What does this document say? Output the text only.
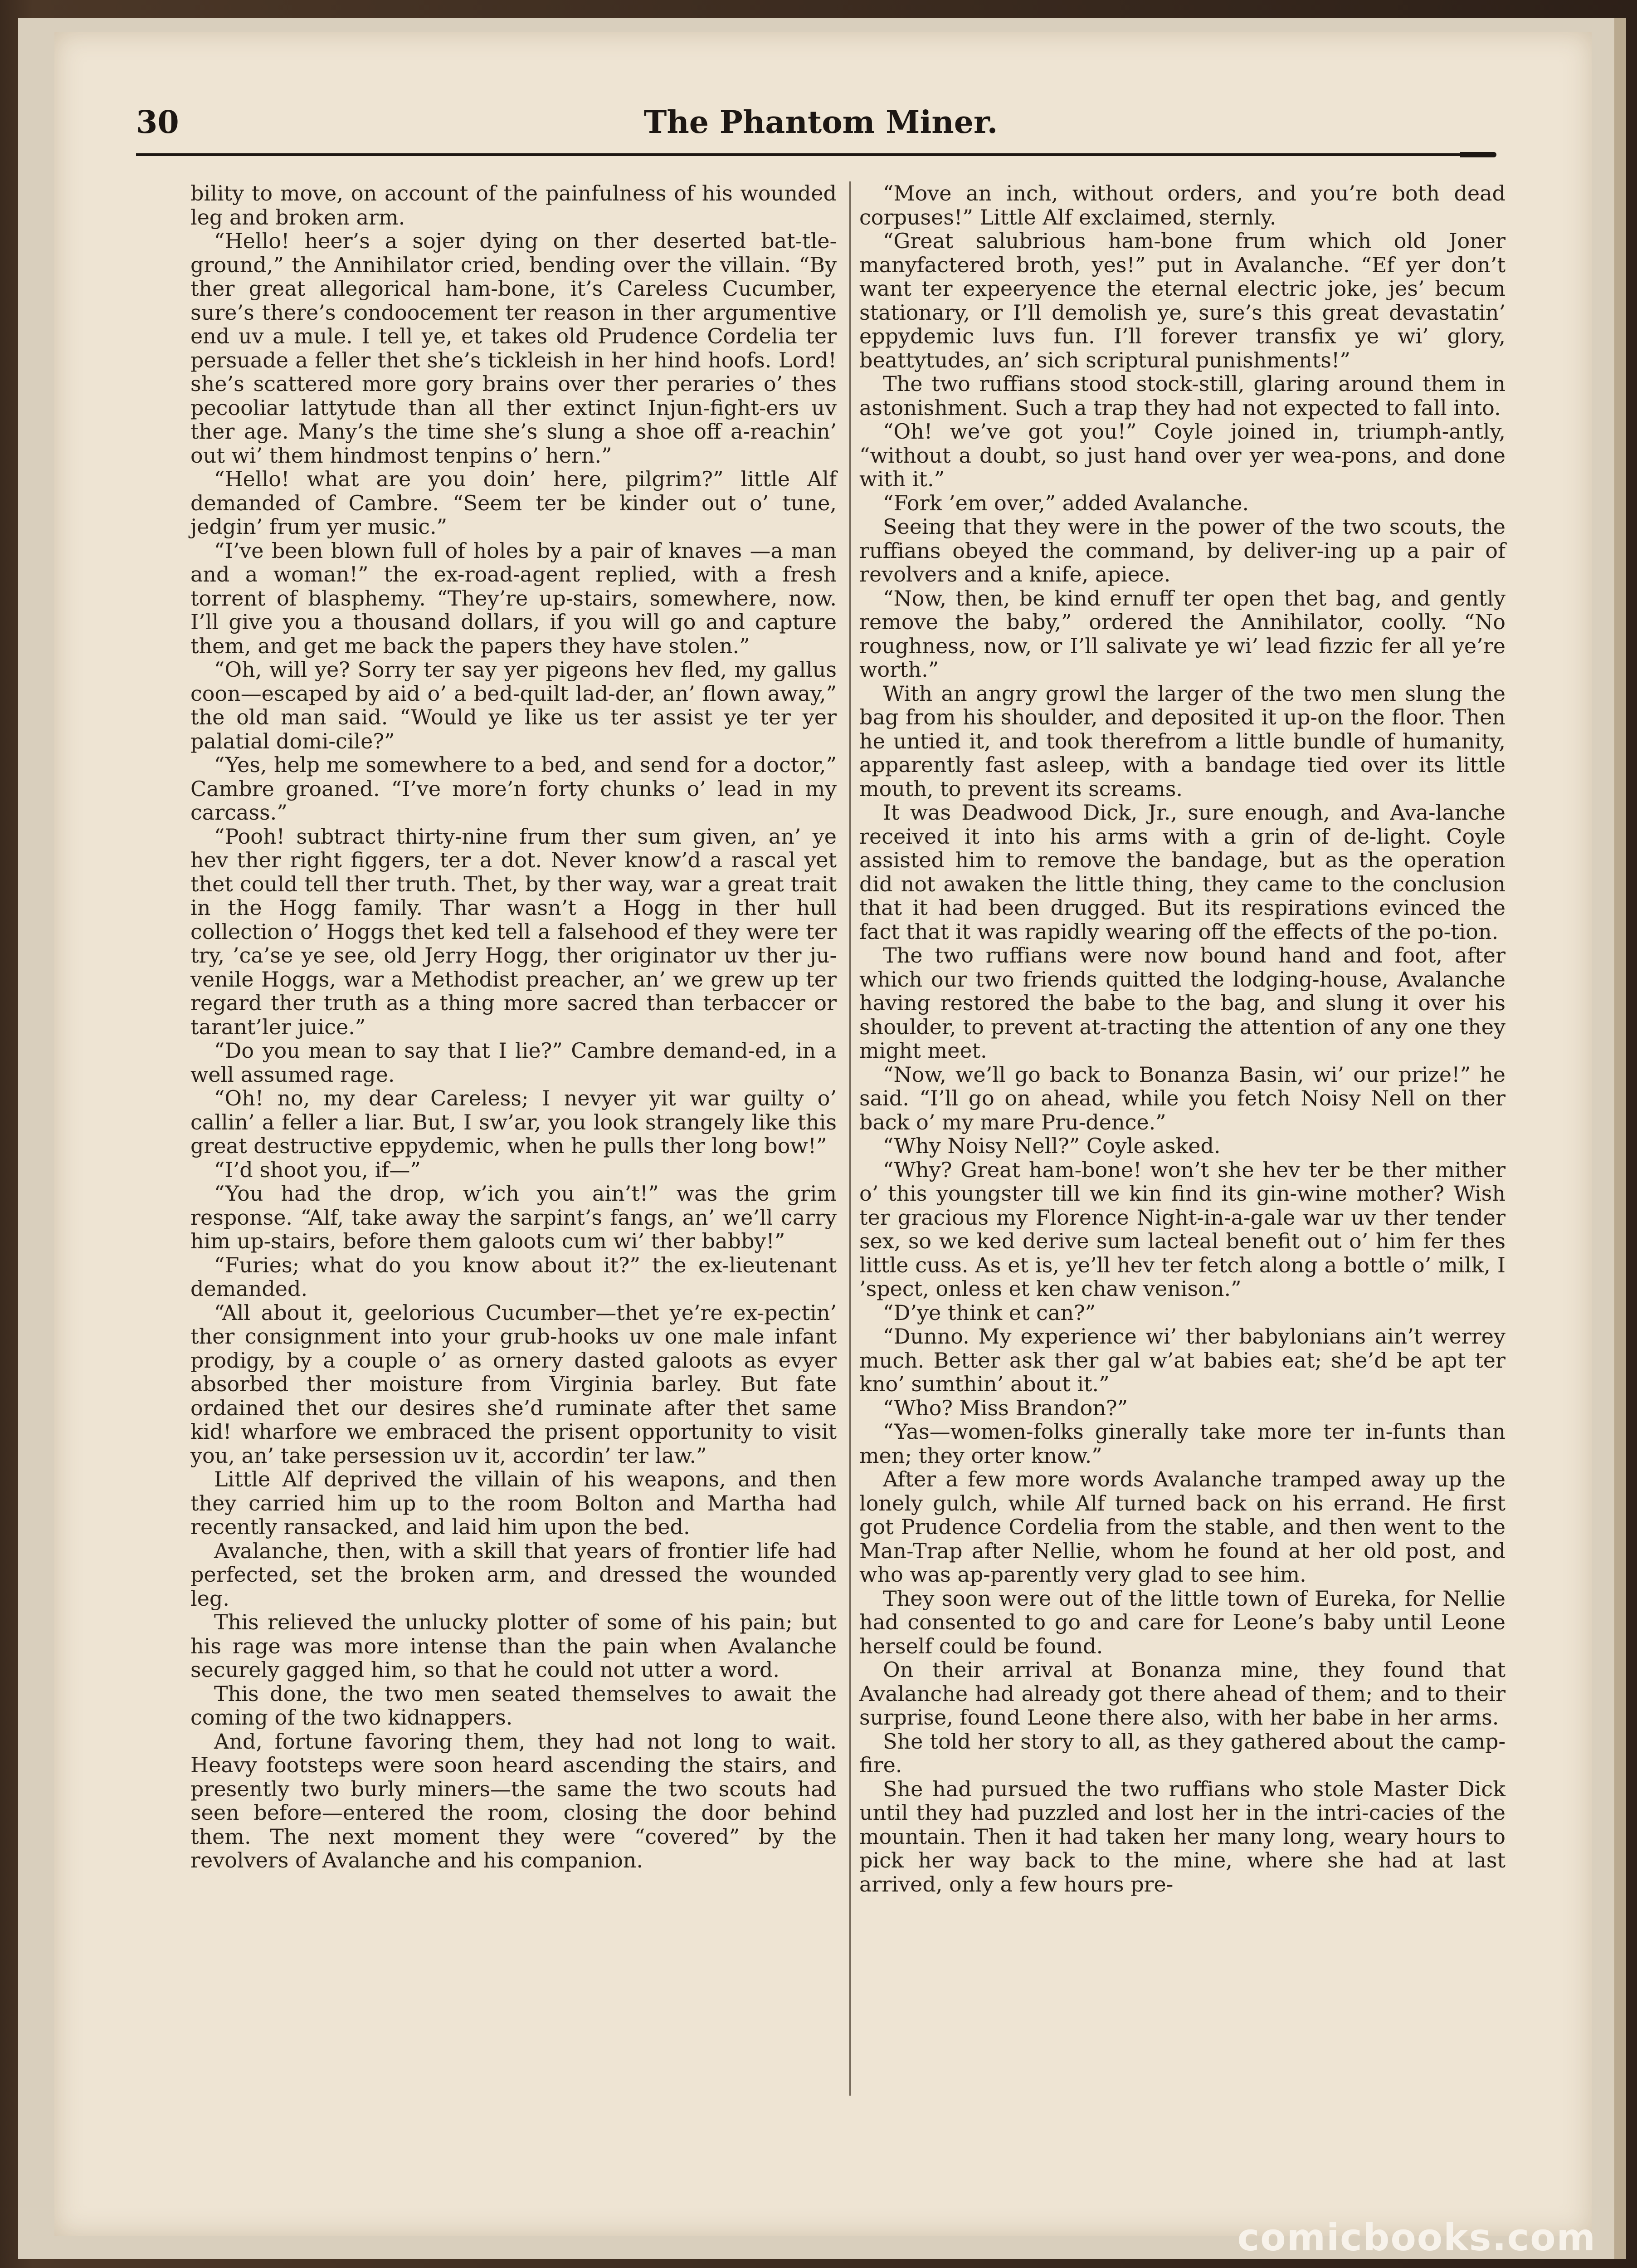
30	The Phantom Miner.

bility to move, on account of the painfulness of his wounded leg and broken arm.

“Hello! heer’s a sojer dying on ther deserted bat-tle-ground,” the Annihilator cried, bending over the villain. “By ther great allegorical ham-bone, it’s Careless Cucumber, sure’s there’s condoocement ter reason in ther argumentive end uv a mule. I tell ye, et takes old Prudence Cordelia ter persuade a feller thet she’s tickleish in her hind hoofs. Lord! she’s scattered more gory brains over ther peraries o’ thes pecooliar lattytude than all ther extinct Injun-fight-ers uv ther age. Many’s the time she’s slung a shoe off a-reachin’ out wi’ them hindmost tenpins o’ hern.”

“Hello! what are you doin’ here, pilgrim?” little Alf demanded of Cambre. “Seem ter be kinder out o’ tune, jedgin’ frum yer music.”

“I’ve been blown full of holes by a pair of knaves —a man and a woman!” the ex-road-agent replied, with a fresh torrent of blasphemy. “They’re up-stairs, somewhere, now. I’ll give you a thousand dollars, if you will go and capture them, and get me back the papers they have stolen.”

“Oh, will ye? Sorry ter say yer pigeons hev fled, my gallus coon—escaped by aid o’ a bed-quilt lad-der, an’ flown away,” the old man said. “Would ye like us ter assist ye ter yer palatial domi-cile?”

“Yes, help me somewhere to a bed, and send for a doctor,” Cambre groaned. “I’ve more’n forty chunks o’ lead in my carcass.”

“Pooh! subtract thirty-nine frum ther sum given, an’ ye hev ther right figgers, ter a dot. Never know’d a rascal yet thet could tell ther truth. Thet, by ther way, war a great trait in the Hogg family. Thar wasn’t a Hogg in ther hull collection o’ Hoggs thet ked tell a falsehood ef they were ter try, ’ca’se ye see, old Jerry Hogg, ther originator uv ther ju-venile Hoggs, war a Methodist preacher, an’ we grew up ter regard ther truth as a thing more sacred than terbaccer or tarant’ler juice.”

“Do you mean to say that I lie?” Cambre demand-ed, in a well assumed rage.

“Oh! no, my dear Careless; I nevyer yit war guilty o’ callin’ a feller a liar. But, I sw’ar, you look strangely like this great destructive eppydemic, when he pulls ther long bow!”

“I’d shoot you, if—”

“You had the drop, w’ich you ain’t!” was the grim response. “Alf, take away the sarpint’s fangs, an’ we’ll carry him up-stairs, before them galoots cum wi’ ther babby!”

“Furies; what do you know about it?” the ex-lieutenant demanded.

“All about it, geelorious Cucumber—thet ye’re ex-pectin’ ther consignment into your grub-hooks uv one male infant prodigy, by a couple o’ as ornery dasted galoots as evyer absorbed ther moisture from Virginia barley. But fate ordained thet our desires she’d ruminate after thet same kid! wharfore we embraced the prisent opportunity to visit you, an’ take persession uv it, accordin’ ter law.”

Little Alf deprived the villain of his weapons, and then they carried him up to the room Bolton and Martha had recently ransacked, and laid him upon the bed.

Avalanche, then, with a skill that years of frontier life had perfected, set the broken arm, and dressed the wounded leg.

This relieved the unlucky plotter of some of his pain; but his rage was more intense than the pain when Avalanche securely gagged him, so that he could not utter a word.

This done, the two men seated themselves to await the coming of the two kidnappers.

And, fortune favoring them, they had not long to wait. Heavy footsteps were soon heard ascending the stairs, and presently two burly miners—the same the two scouts had seen before—entered the room, closing the door behind them. The next moment they were “covered” by the revolvers of Avalanche and his companion.

“Move an inch, without orders, and you’re both dead corpuses!” Little Alf exclaimed, sternly.

“Great salubrious ham-bone frum which old Joner manyfactered broth, yes!” put in Avalanche. “Ef yer don’t want ter expeeryence the eternal electric joke, jes’ becum stationary, or I’ll demolish ye, sure’s this great devastatin’ eppydemic luvs fun. I’ll forever transfix ye wi’ glory, beattytudes, an’ sich scriptural punishments!”

The two ruffians stood stock-still, glaring around them in astonishment. Such a trap they had not expected to fall into.

“Oh! we’ve got you!” Coyle joined in, triumph-antly, “without a doubt, so just hand over yer wea-pons, and done with it.”

“Fork ’em over,” added Avalanche.

Seeing that they were in the power of the two scouts, the ruffians obeyed the command, by deliver-ing up a pair of revolvers and a knife, apiece.

“Now, then, be kind ernuff ter open thet bag, and gently remove the baby,” ordered the Annihilator, coolly. “No roughness, now, or I’ll salivate ye wi’ lead fizzic fer all ye’re worth.”

With an angry growl the larger of the two men slung the bag from his shoulder, and deposited it up-on the floor. Then he untied it, and took therefrom a little bundle of humanity, apparently fast asleep, with a bandage tied over its little mouth, to prevent its screams.

It was Deadwood Dick, Jr., sure enough, and Ava-lanche received it into his arms with a grin of de-light. Coyle assisted him to remove the bandage, but as the operation did not awaken the little thing, they came to the conclusion that it had been drugged. But its respirations evinced the fact that it was rapidly wearing off the effects of the po-tion.

The two ruffians were now bound hand and foot, after which our two friends quitted the lodging-house, Avalanche having restored the babe to the bag, and slung it over his shoulder, to prevent at-tracting the attention of any one they might meet.

“Now, we’ll go back to Bonanza Basin, wi’ our prize!” he said. “I’ll go on ahead, while you fetch Noisy Nell on ther back o’ my mare Pru-dence.”

“Why Noisy Nell?” Coyle asked.

“Why? Great ham-bone! won’t she hev ter be ther mither o’ this youngster till we kin find its gin-wine mother? Wish ter gracious my Florence Night-in-a-gale war uv ther tender sex, so we ked derive sum lacteal benefit out o’ him fer thes little cuss. As et is, ye’ll hev ter fetch along a bottle o’ milk, I ’spect, onless et ken chaw venison.”

“D’ye think et can?”

“Dunno. My experience wi’ ther babylonians ain’t werrey much. Better ask ther gal w’at babies eat; she’d be apt ter kno’ sumthin’ about it.”

“Who? Miss Brandon?”

“Yas—women-folks ginerally take more ter in-funts than men; they orter know.”

After a few more words Avalanche tramped away up the lonely gulch, while Alf turned back on his errand. He first got Prudence Cordelia from the stable, and then went to the Man-Trap after Nellie, whom he found at her old post, and who was ap-parently very glad to see him.

They soon were out of the little town of Eureka, for Nellie had consented to go and care for Leone’s baby until Leone herself could be found.

On their arrival at Bonanza mine, they found that Avalanche had already got there ahead of them; and to their surprise, found Leone there also, with her babe in her arms.

She told her story to all, as they gathered about the camp-fire.

She had pursued the two ruffians who stole Master Dick until they had puzzled and lost her in the intri-cacies of the mountain. Then it had taken her many long, weary hours to pick her way back to the mine, where she had at last arrived, only a few hours pre-

comicbooks.com
